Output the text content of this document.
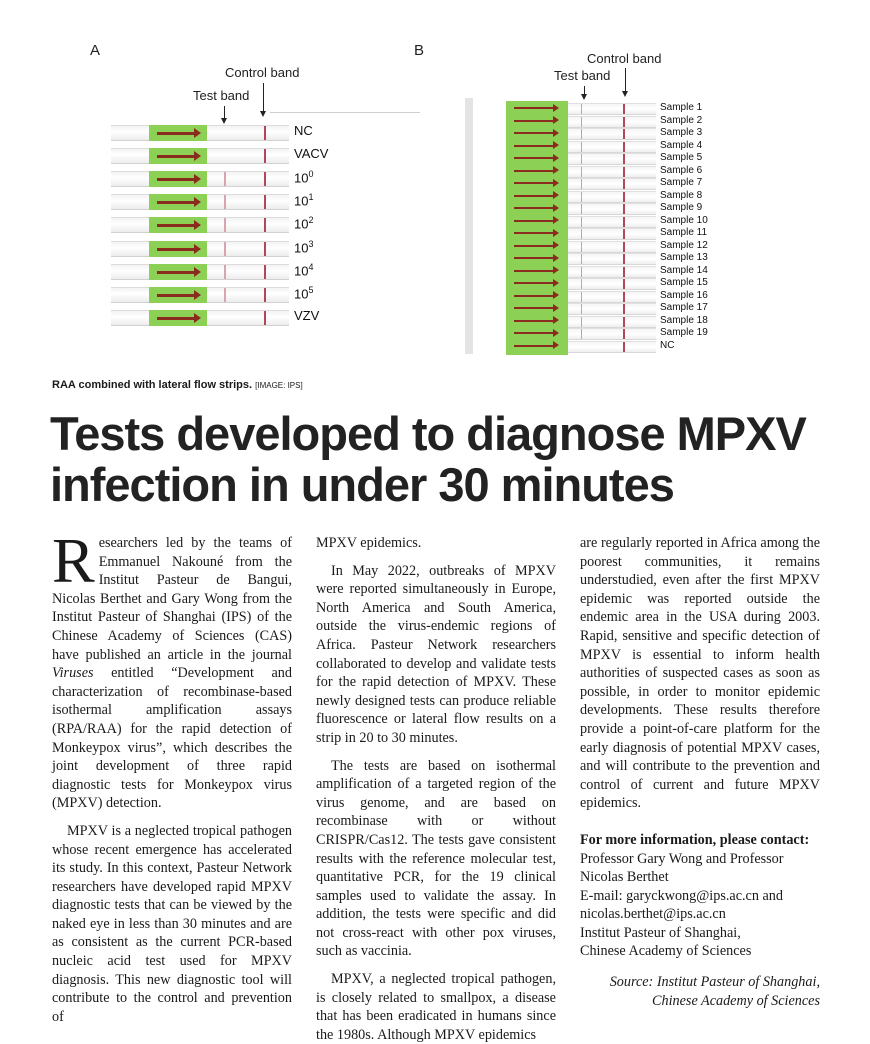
A
Control band
Test band
NC
VACV
$10^0$
$10^1$
$10^2$
$10^3$
$10^4$
$10^5$
VZV
B	Control band
Test band
Sample 1
Sample 2
Sample 3
Sample 4
Sample 5
Sample 6
Sample 7
Sample 8
Sample 9
Sample 10
Sample 11
Sample 12
Sample 13
Sample 14
Sample 15
Sample 16
Sample 17
Sample 18
Sample 19
NC
RAA combined with lateral flow strips. [IMAGE: IPS]
Tests developed to diagnose MPXV infection in under 30 minutes

Researchers led by the teams of Emmanuel Nakouné from the Institut Pasteur de Bangui, Nicolas Berthet and Gary Wong from the Institut Pasteur of Shanghai (IPS) of the Chinese Academy of Sciences (CAS) have published an article in the journal Viruses entitled “Development and characterization of recombinase-based isothermal amplification assays (RPA/RAA) for the rapid detection of Monkeypox virus”, which describes the joint development of three rapid diagnostic tests for Monkeypox virus (MPXV) detection.

MPXV is a neglected tropical pathogen whose recent emergence has accelerated its study. In this context, Pasteur Network researchers have developed rapid MPXV diagnostic tests that can be viewed by the naked eye in less than 30 minutes and are as consistent as the current PCR-based nucleic acid test used for MPXV diagnosis. This new diagnostic tool will contribute to the control and prevention of

MPXV epidemics.

In May 2022, outbreaks of MPXV were reported simultaneously in Europe, North America and South America, outside the virus-endemic regions of Africa. Pasteur Network researchers collaborated to develop and validate tests for the rapid detection of MPXV. These newly designed tests can produce reliable fluorescence or lateral flow results on a strip in 20 to 30 minutes.

The tests are based on isothermal amplification of a targeted region of the virus genome, and are based on recombinase with or without CRISPR/Cas12. The tests gave consistent results with the reference molecular test, quantitative PCR, for the 19 clinical samples used to validate the assay. In addition, the tests were specific and did not cross-react with other pox viruses, such as vaccinia.

MPXV, a neglected tropical pathogen, is closely related to smallpox, a disease that has been eradicated in humans since the 1980s. Although MPXV epidemics

are regularly reported in Africa among the poorest communities, it remains understudied, even after the first MPXV epidemic was reported outside the endemic area in the USA during 2003. Rapid, sensitive and specific detection of MPXV is essential to inform health authorities of suspected cases as soon as possible, in order to monitor epidemic developments. These results therefore provide a point-of-care platform for the early diagnosis of potential MPXV cases, and will contribute to the prevention and control of current and future MPXV epidemics.

For more information, please contact:
Professor Gary Wong and Professor
Nicolas Berthet
E-mail: garyckwong@ips.ac.cn and
nicolas.berthet@ips.ac.cn
Institut Pasteur of Shanghai,
Chinese Academy of Sciences
Source: Institut Pasteur of Shanghai,
Chinese Academy of Sciences
